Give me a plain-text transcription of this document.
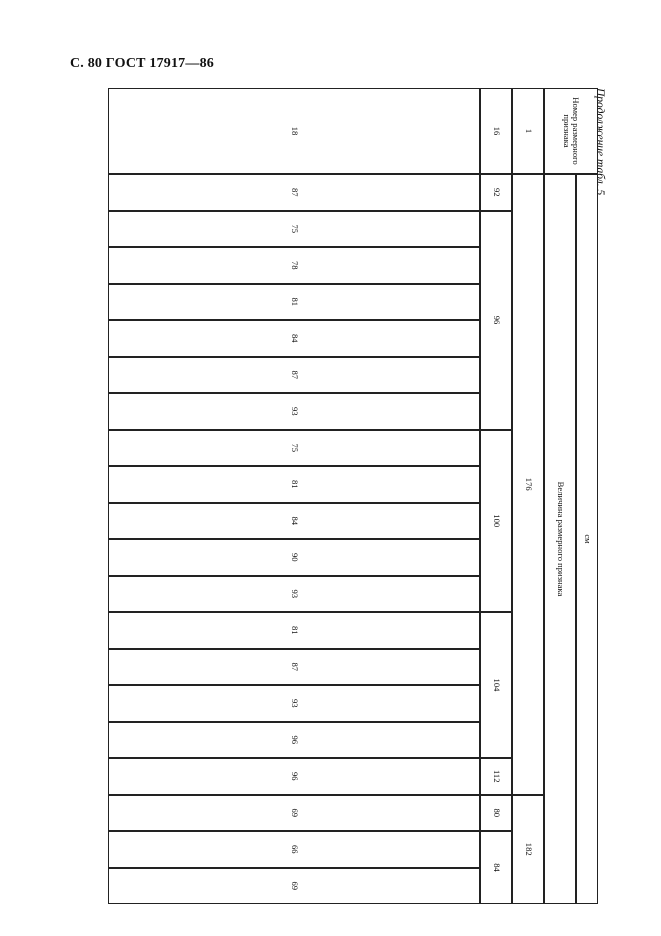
С. 80 ГОСТ 17917—86
Продолжение табл. 5
Номер размерного признака
1
16
18
см
Величина размерного признака
176
92
87
96
75
78
81
84
87
93
100
75
81
84
90
93
104
81
87
93
96
112
96
182
80
69
84
66
69
